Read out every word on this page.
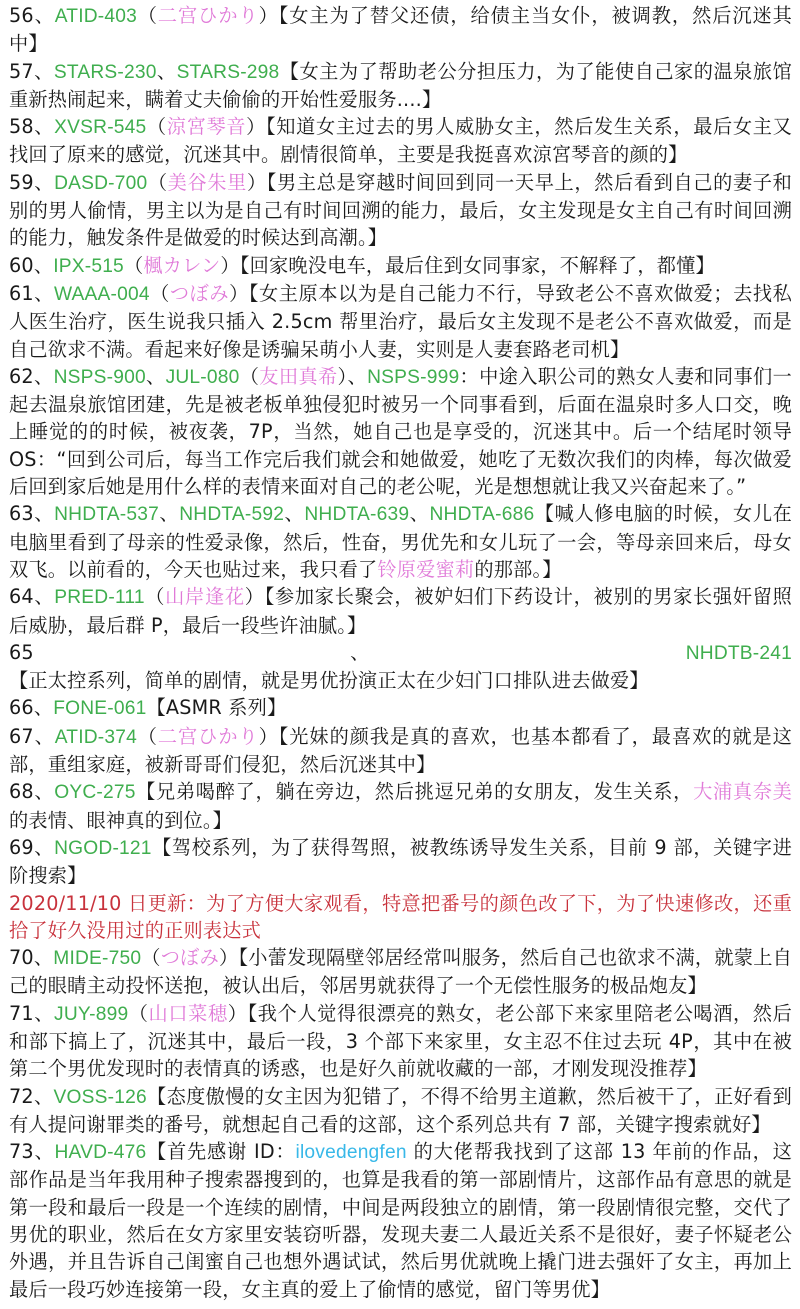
56、ATID-403（二宫ひかり）【女主为了替父还债，给债主当女仆，被调教，然后沉迷其中】

57、STARS-230、STARS-298【女主为了帮助老公分担压力，为了能使自己家的温泉旅馆重新热闹起来，瞒着丈夫偷偷的开始性爱服务....】

58、XVSR-545（涼宮琴音）【知道女主过去的男人威胁女主，然后发生关系，最后女主又找回了原来的感觉，沉迷其中。剧情很简单，主要是我挺喜欢涼宮琴音的颜的】

59、DASD-700（美谷朱里）【男主总是穿越时间回到同一天早上，然后看到自己的妻子和别的男人偷情，男主以为是自己有时间回溯的能力，最后，女主发现是女主自己有时间回溯的能力，触发条件是做爱的时候达到高潮。】

60、IPX-515（楓カレン）【回家晚没电车，最后住到女同事家，不解释了，都懂】

61、WAAA-004（つぼみ）【女主原本以为是自己能力不行，导致老公不喜欢做爱；去找私人医生治疗，医生说我只插入 2.5cm 帮里治疗，最后女主发现不是老公不喜欢做爱，而是自己欲求不满。看起来好像是诱骗呆萌小人妻，实则是人妻套路老司机】

62、NSPS-900、JUL-080（友田真希）、NSPS-999：中途入职公司的熟女人妻和同事们一起去温泉旅馆团建，先是被老板单独侵犯时被另一个同事看到，后面在温泉时多人口交，晚上睡觉的的时候，被夜袭，7P，当然，她自己也是享受的，沉迷其中。后一个结尾时领导 OS：“回到公司后，每当工作完后我们就会和她做爱，她吃了无数次我们的肉棒，每次做爱后回到家后她是用什么样的表情来面对自己的老公呢，光是想想就让我又兴奋起来了。”

63、NHDTA-537、NHDTA-592、NHDTA-639、NHDTA-686【喊人修电脑的时候，女儿在电脑里看到了母亲的性爱录像，然后，性奋，男优先和女儿玩了一会，等母亲回来后，母女双飞。以前看的，今天也贴过来，我只看了铃原爱蜜莉的那部。】

64、PRED-111（山岸逢花）【参加家长聚会，被妒妇们下药设计，被别的男家长强奸留照后威胁，最后群 P，最后一段些许油腻。】

65、NHDTB-241【正太控系列，简单的剧情，就是男优扮演正太在少妇门口排队进去做爱】

66、FONE-061【ASMR 系列】

67、ATID-374（二宫ひかり）【光妹的颜我是真的喜欢，也基本都看了，最喜欢的就是这部，重组家庭，被新哥哥们侵犯，然后沉迷其中】

68、OYC-275【兄弟喝醉了，躺在旁边，然后挑逗兄弟的女朋友，发生关系，大浦真奈美的表情、眼神真的到位。】

69、NGOD-121【驾校系列，为了获得驾照，被教练诱导发生关系，目前 9 部，关键字进阶搜索】

2020/11/10 日更新：为了方便大家观看，特意把番号的颜色改了下，为了快速修改，还重拾了好久没用过的正则表达式

70、MIDE-750（つぼみ）【小蕾发现隔壁邻居经常叫服务，然后自己也欲求不满，就蒙上自己的眼睛主动投怀送抱，被认出后，邻居男就获得了一个无偿性服务的极品炮友】

71、JUY-899（山口菜穂）【我个人觉得很漂亮的熟女，老公部下来家里陪老公喝酒，然后和部下搞上了，沉迷其中，最后一段，3 个部下来家里，女主忍不住过去玩 4P，其中在被第二个男优发现时的表情真的诱惑，也是好久前就收藏的一部，才刚发现没推荐】

72、VOSS-126【态度傲慢的女主因为犯错了，不得不给男主道歉，然后被干了，正好看到有人提问谢罪类的番号，就想起自己看的这部，这个系列总共有 7 部，关键字搜索就好】

73、HAVD-476【首先感谢 ID：ilovedengfen 的大佬帮我找到了这部 13 年前的作品，这部作品是当年我用种子搜索器搜到的，也算是我看的第一部剧情片，这部作品有意思的就是第一段和最后一段是一个连续的剧情，中间是两段独立的剧情，第一段剧情很完整，交代了男优的职业，然后在女方家里安装窃听器，发现夫妻二人最近关系不是很好，妻子怀疑老公外遇，并且告诉自己闺蜜自己也想外遇试试，然后男优就晚上撬门进去强奸了女主，再加上最后一段巧妙连接第一段，女主真的爱上了偷情的感觉，留门等男优】
